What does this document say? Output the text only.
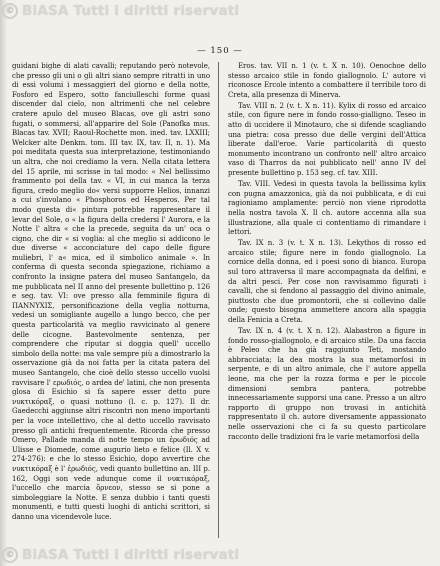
© BiASA Tutti i diritti riservati
— 150 —

guidani bighe di alati cavalli; reputando però notevole, che presso gli uni o gli altri siano sempre ritratti in uno di essi volumi i messaggieri del giorno e della notte, Fosforo ed Espero, sotto fanciulleschi forme quasi discender dal cielo, non altrimenti che nel celebre cratere apulo del museo Blacas, ove gli astri sono fugati, o sommersi, all'apparire del Sole (Panofka mus. Blacas tav. XVII; Raoul-Rochette mon. ined. tav. LXXIII; Welcker alte Denkm. tom. III tav. IX, tav. II, n. 1). Ma poi meditata questa sua interpretazione, testimoniando un altra, che noi crediamo la vera. Nella citata lettera del 15 aprile, mi scrisse in tal modo: « Nel bellissimo frammento poi della tav. « VI, in cui manca la terza figura, credo meglio do« versi supporre Helios, innanzi a cui s'involano « Phosphoros ed Hesperos. Per tal modo questa di« pintura potrebbe rappresentare il levar del Sole, o « la figura della credersi l' Aurora, e la Notte l' altra « che la precede, seguita da un' oca o cigno, che dir « si voglia: al che meglio si addicono le due diverse « acconciature del capo delle figure muliebri, l' a« mica, ed il simbolico animale ». In conferma di questa seconda spiegazione, richiamo a confronto la insigne patera del museo Santangelo, da me pubblicata nel II anno del presente bullettino p. 126 e seg. tav. VI: ove presso alla femminile figura di ΠΑΝΝΥΧΙΣ, personificazione della veglia notturna, vedesi un somigliante augello a lungo becco, che per questa particolarità va meglio ravvicinato al genere delle cicogne. Bastevolmente sentenza, per comprendere che riputar si doggia quell' uccello simbolo della notte: ma vale sempre più a dimostrarlo la osservazione già da noi fatta per la citata patera del museo Santangelo, che cioè dello stesso uccello vuolsi ravvisare l' ερωδιός, o ardea de' latini, che non presenta glosa di Esichio si fa sapere esser detto pure νυκτικόραξ, o quasi nottuno (l. c. p. 127). Il dr. Gaedecchi aggiunse altri riscontri non meno importanti per la voce intellettivo, che al detto uccello ravvisato presso gli antichi frequentemente. Ricorda che presso Omero, Pallade manda di notte tempo un ἐρωδιός ad Ulisse e Diomede, come augurio lieto e felice (Il. X v. 274-276): e che lo stesso Esichio, dopo avvertire che νυκτικόραξ è l' ἐρωδιός, vedi quanto bullettino an. III p. 162, Oggi son vede adunque come il νυκτικόραξ, l'uccello che marcia ὄρνεον, stesso se si pone a simboleggiare la Notte. E senza dubbio i tanti questi monumenti, e tutti questi luoghi di antichi scrittori, si danno una vicendevole luce.

Eros. tav. VII n. 1 (v. t. X n. 10). Oenochoe dello stesso arcaico stile in fondo giallognolo. L' autore vi riconosce Ercole intento a combattere il terribile toro di Creta, alla presenza di Minerva.

Tav. VIII n. 2 (v. t. X n. 11). Kylix di rosso ed arcaico stile, con figure nere in fondo rosso-gialligno. Teseo in atto di uccidere il Minotauro, che si difende scagliando una pietra: cosa presso due delle vergini dell'Attica liberate dall'eroe. Varie particolarità di questo monumento incontrano un confronto nell' altro arcaico vaso di Tharros da noi pubblicato nell' anno IV del presente bullettino p. 153 seg. cf. tav. XIII.

Tav. VIII. Vedesi in questa tavola la bellissima kylix con pugna amazzonica, già da noi pubblicata, e di cui ragioniamo amplamente: perciò non viene riprodotta nella nostra tavola X. Il ch. autore accenna alla sua illustrazione, alla quale ci contentiamo di rimandare i lettori.

Tav. IX n. 3 (v. t. X n. 13). Lekythos di rosso ed arcaico stile; figure nere in fondo giallognolo. La cornice della donna, ed i poesi sono di bianco. Europa sul toro attraversa il mare accompagnata da delfini, e da altri pesci. Per cose non ravvisammo figurati i cavalli, che si fendono al passaggio del divino animale, piuttosto che due promontorii, che si collevino dalle onde; questo bisogna ammettere ancora alla spaggia della Fenicia a Creta.

Tav. IX n. 4 (v. t. X n. 12). Alabastron a figure in fondo rosso-giallognolo, e di arcaico stile. Da una faccia è Peleo che ha già raggiunto Teti, mostando abbracciata; la dea mostra la sua metamorfosi in serpente, e di un altro animale, che l' autore appella leone, ma che per la rozza forma e per le piccole dimensioni sembra pantera, potrebbe innecessariamente supporsi una cane. Presso a un altro rapporto di gruppo non trovasi in antichità rappresentato il ch. autore diversamente appassionato nelle osservazioni che ci fa su questo particolare racconto delle tradizioni fra le varie metamorfosi della

© BiASA Tutti i diritti riservati
